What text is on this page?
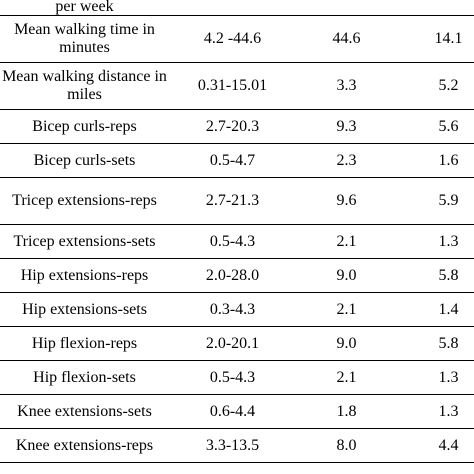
per week			
Mean walking time in minutes	4.2 -44.6	44.6	14.1
Mean walking distance in miles	0.31-15.01	3.3	5.2
Bicep curls-reps	2.7-20.3	9.3	5.6
Bicep curls-sets	0.5-4.7	2.3	1.6
Tricep extensions-reps	2.7-21.3	9.6	5.9
Tricep extensions-sets	0.5-4.3	2.1	1.3
Hip extensions-reps	2.0-28.0	9.0	5.8
Hip extensions-sets	0.3-4.3	2.1	1.4
Hip flexion-reps	2.0-20.1	9.0	5.8
Hip flexion-sets	0.5-4.3	2.1	1.3
Knee extensions-sets	0.6-4.4	1.8	1.3
Knee extensions-reps	3.3-13.5	8.0	4.4
